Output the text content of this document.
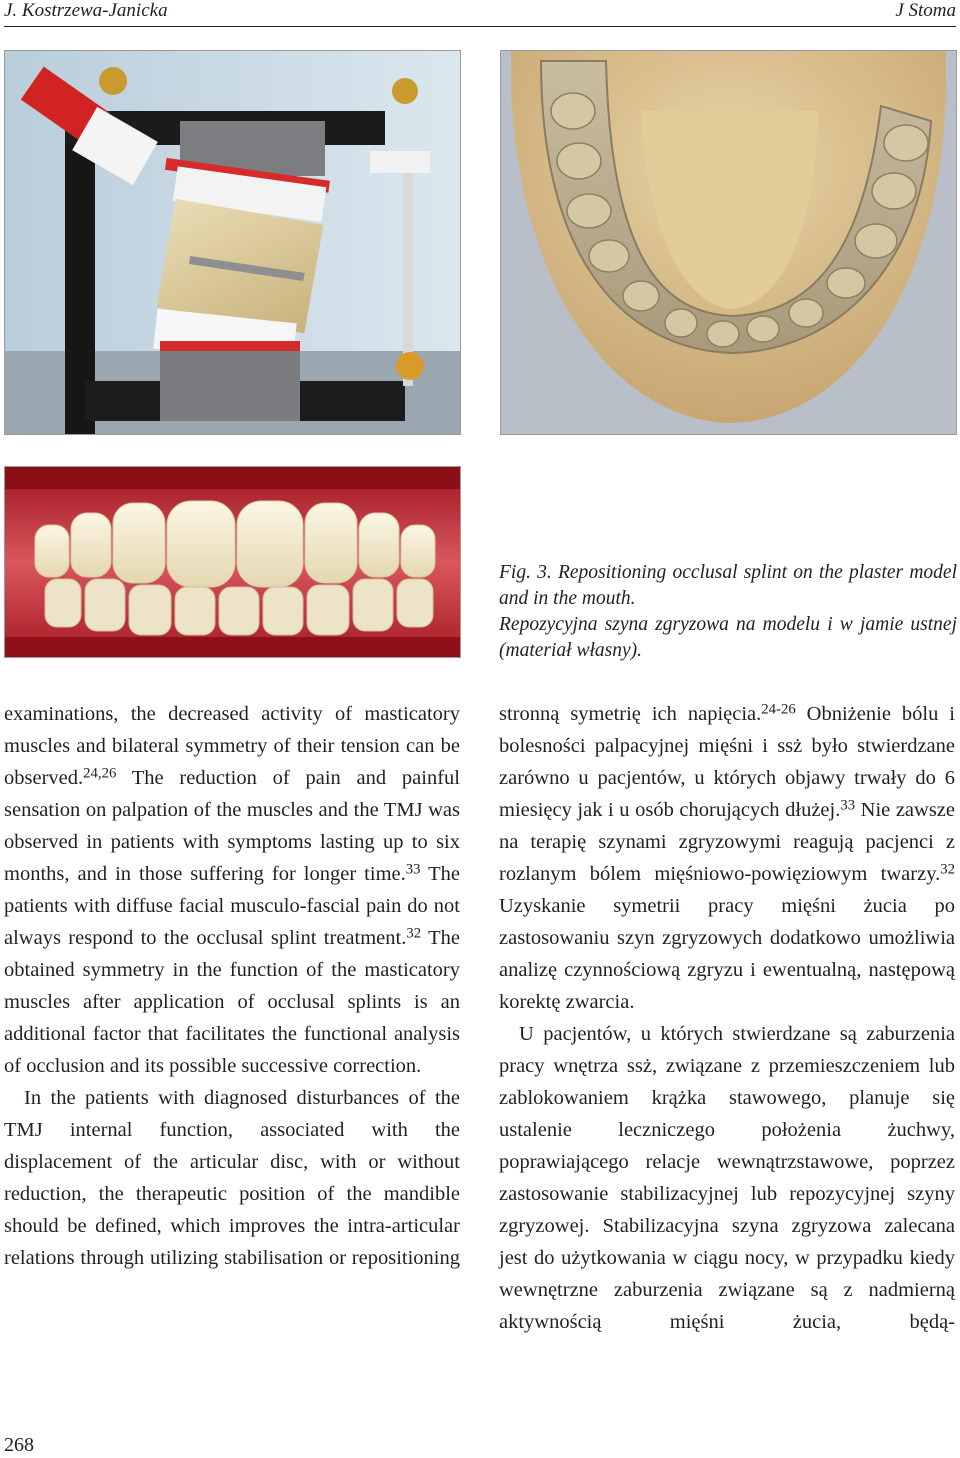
J. Kostrzewa-Janicka	J Stoma

Fig. 3. Repositioning occlusal splint on the plaster model and in the mouth.

Repozycyjna szyna zgryzowa na modelu i w jamie ustnej (materiał własny).

examinations, the decreased activity of masticatory muscles and bilateral symmetry of their tension can be observed.$^{24,26}$ The reduction of pain and painful sensation on palpation of the muscles and the TMJ was observed in patients with symptoms lasting up to six months, and in those suffering for longer time.$^{33}$ The patients with diffuse facial musculo-fascial pain do not always respond to the occlusal splint treatment.$^{32}$ The obtained symmetry in the function of the masticatory muscles after application of occlusal splints is an additional factor that facilitates the functional analysis of occlusion and its possible successive correction.

In the patients with diagnosed disturbances of the TMJ internal function, associated with the displacement of the articular disc, with or without reduction, the therapeutic position of the mandible should be defined, which improves the intra-articular relations through utilizing stabilisation or repositioning

stronną symetrię ich napięcia.$^{24-26}$ Obniżenie bólu i bolesności palpacyjnej mięśni i ssż było stwierdzane zarówno u pacjentów, u których objawy trwały do 6 miesięcy jak i u osób chorujących dłużej.$^{33}$ Nie zawsze na terapię szynami zgryzowymi reagują pacjenci z rozlanym bólem mięśniowo-powięziowym twarzy.$^{32}$ Uzyskanie symetrii pracy mięśni żucia po zastosowaniu szyn zgryzowych dodatkowo umożliwia analizę czynnościową zgryzu i ewentualną, następową korektę zwarcia.

U pacjentów, u których stwierdzane są zaburzenia pracy wnętrza ssż, związane z przemieszczeniem lub zablokowaniem krążka stawowego, planuje się ustalenie leczniczego położenia żuchwy, poprawiającego relacje wewnątrzstawowe, poprzez zastosowanie stabilizacyjnej lub repozycyjnej szyny zgryzowej. Stabilizacyjna szyna zgryzowa zalecana jest do użytkowania w ciągu nocy, w przypadku kiedy wewnętrzne zaburzenia związane są z nadmierną aktywnością mięśni żucia, będą-

268
